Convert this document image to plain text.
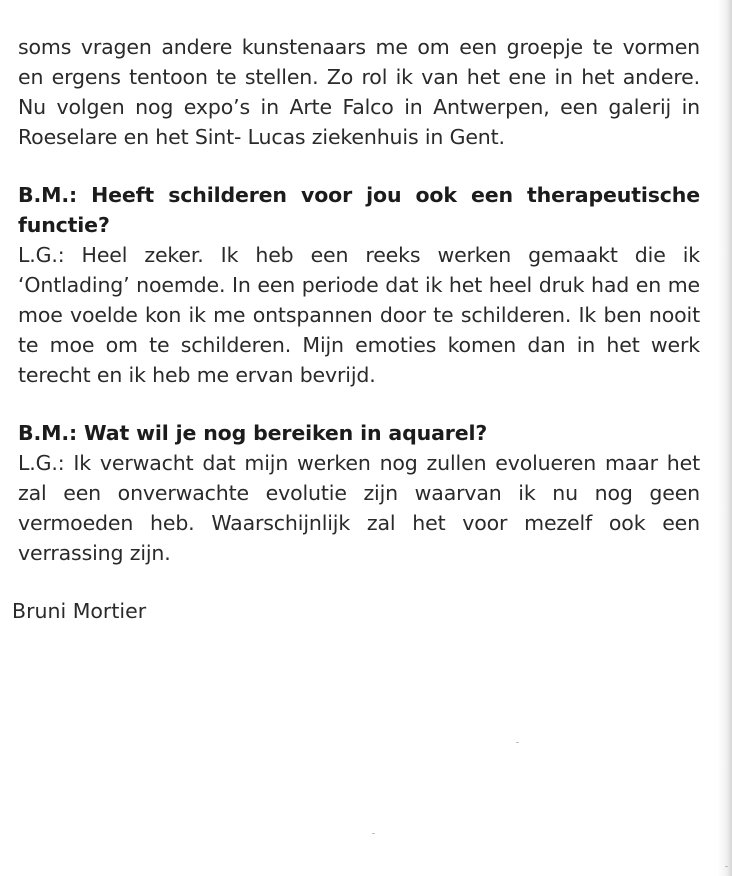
soms vragen andere kunstenaars me om een groepje te vormen en ergens tentoon te stellen. Zo rol ik van het ene in het andere. Nu volgen nog expo’s in Arte Falco in Antwerpen, een galerij in Roeselare en het Sint- Lucas ziekenhuis in Gent.

B.M.: Heeft schilderen voor jou ook een therapeutische functie?

L.G.: Heel zeker. Ik heb een reeks werken gemaakt die ik ‘Ontlading’ noemde. In een periode dat ik het heel druk had en me moe voelde kon ik me ontspannen door te schilderen. Ik ben nooit te moe om te schilderen. Mijn emoties komen dan in het werk terecht en ik heb me ervan bevrijd.

B.M.: Wat wil je nog bereiken in aquarel?

L.G.: Ik verwacht dat mijn werken nog zullen evolueren maar het zal een onverwachte evolutie zijn waarvan ik nu nog geen vermoeden heb. Waarschijnlijk zal het voor mezelf ook een verrassing zijn.

Bruni Mortier
